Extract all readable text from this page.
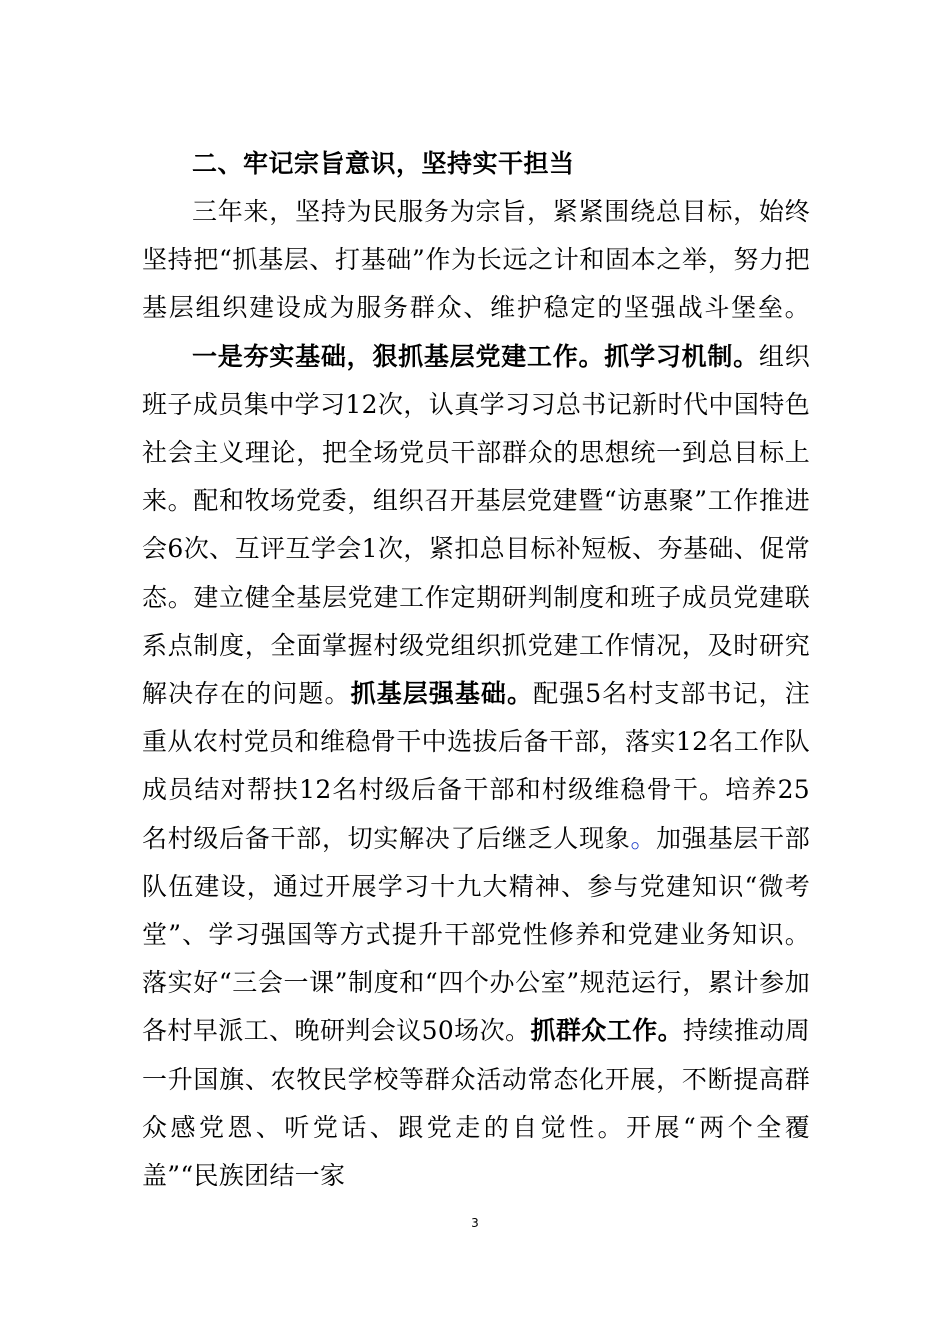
二、牢记宗旨意识，坚持实干担当

三年来，坚持为民服务为宗旨，紧紧围绕总目标，始终坚持把“抓基层、打基础”作为长远之计和固本之举，努力把基层组织建设成为服务群众、维护稳定的坚强战斗堡垒。

一是夯实基础，狠抓基层党建工作。抓学习机制。组织班子成员集中学习12次，认真学习习总书记新时代中国特色社会主义理论，把全场党员干部群众的思想统一到总目标上来。配和牧场党委，组织召开基层党建暨“访惠聚”工作推进会6次、互评互学会1次，紧扣总目标补短板、夯基础、促常态。建立健全基层党建工作定期研判制度和班子成员党建联系点制度，全面掌握村级党组织抓党建工作情况，及时研究解决存在的问题。抓基层强基础。配强5名村支部书记，注重从农村党员和维稳骨干中选拔后备干部，落实12名工作队成员结对帮扶12名村级后备干部和村级维稳骨干。培养25名村级后备干部，切实解决了后继乏人现象。加强基层干部队伍建设，通过开展学习十九大精神、参与党建知识“微考堂”、学习强国等方式提升干部党性修养和党建业务知识。落实好“三会一课”制度和“四个办公室”规范运行，累计参加各村早派工、晚研判会议50场次。抓群众工作。持续推动周一升国旗、农牧民学校等群众活动常态化开展，不断提高群众感党恩、听党话、跟党走的自觉性。开展“两个全覆盖”“民族团结一家

3
